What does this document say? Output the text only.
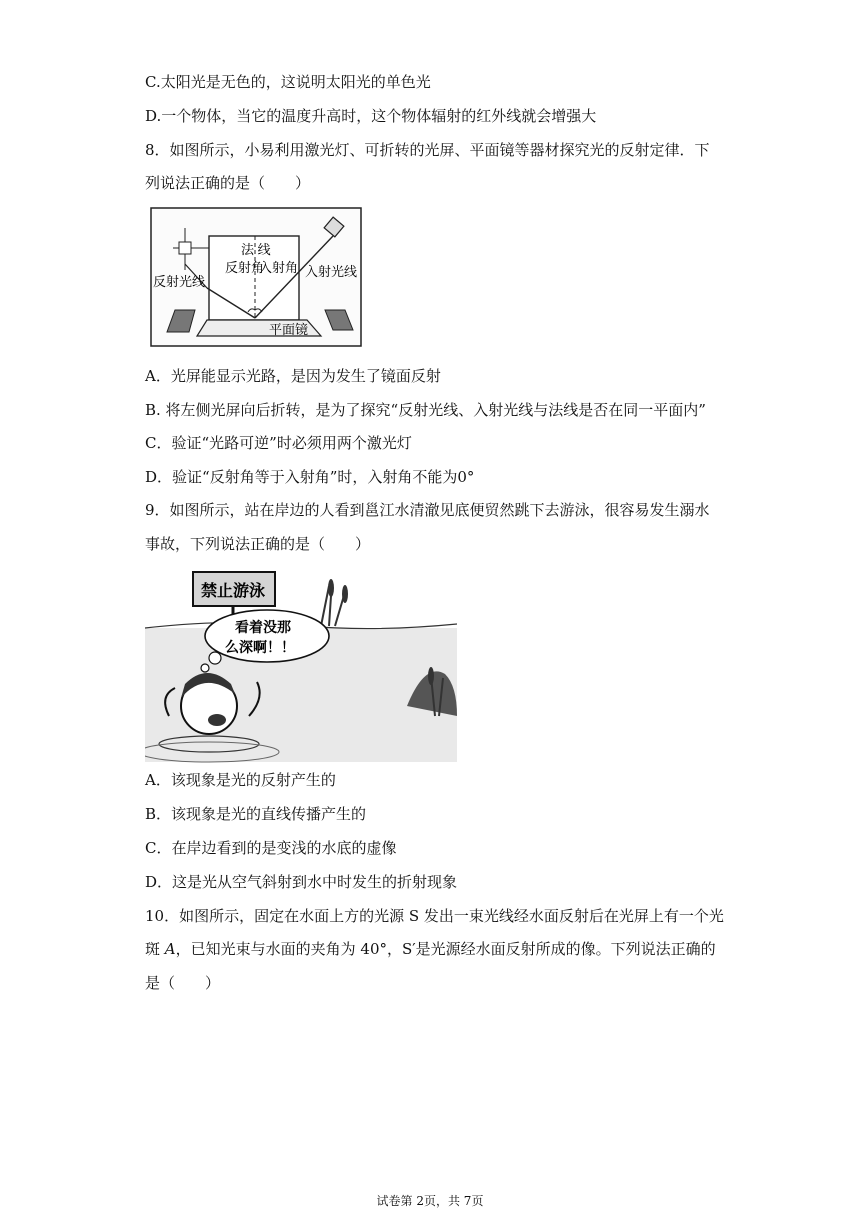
C.太阳光是无色的，这说明太阳光的单色光
D.一个物体，当它的温度升高时，这个物体辐射的红外线就会增强大
8．如图所示，小易利用激光灯、可折转的光屏、平面镜等器材探究光的反射定律．下
列说法正确的是（　　）
法 线
反射角
入射角
反射光线
入射光线
平面镜
A．光屏能显示光路，是因为发生了镜面反射
B. 将左侧光屏向后折转，是为了探究“反射光线、入射光线与法线是否在同一平面内”
C．验证“光路可逆”时必须用两个激光灯
D．验证“反射角等于入射角”时，入射角不能为0°
9．如图所示，站在岸边的人看到邕江水清澈见底便贸然跳下去游泳，很容易发生溺水
事故，下列说法正确的是（　　）
禁止游泳
看着没那
么深啊！！
A．该现象是光的反射产生的
B．该现象是光的直线传播产生的
C．在岸边看到的是变浅的水底的虚像
D．这是光从空气斜射到水中时发生的折射现象
10．如图所示，固定在水面上方的光源 S 发出一束光线经水面反射后在光屏上有一个光
斑 A，已知光束与水面的夹角为 40°，S′是光源经水面反射所成的像。下列说法正确的
是（　　）
试卷第 2页，共 7页
